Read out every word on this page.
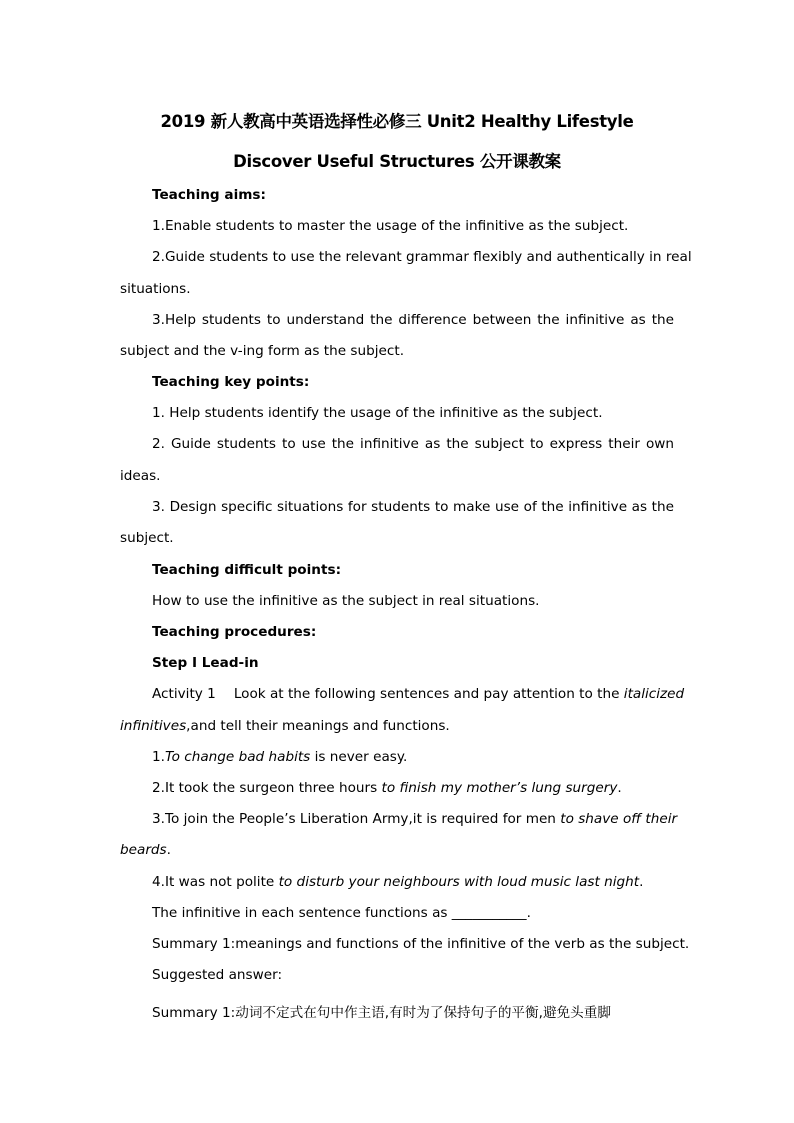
2019 新人教高中英语选择性必修三 Unit2 Healthy Lifestyle
Discover Useful Structures 公开课教案
Teaching aims:
1.Enable students to master the usage of the infinitive as the subject.
2.Guide students to use the relevant grammar flexibly and authentically in real
situations.
3.Help students to understand the difference between the infinitive as the
subject and the v-ing form as the subject.
Teaching key points:
1. Help students identify the usage of the infinitive as the subject.
2. Guide students to use the infinitive as the subject to express their own
ideas.
3. Design specific situations for students to make use of the infinitive as the
subject.
Teaching difficult points:
How to use the infinitive as the subject in real situations.
Teaching procedures:
Step Ⅰ Lead-in
Activity 1 Look at the following sentences and pay attention to the italicized
infinitives,and tell their meanings and functions.
1.To change bad habits is never easy.
2.It took the surgeon three hours to finish my mother’s lung surgery.
3.To join the People’s Liberation Army,it is required for men to shave off their
beards.
4.It was not polite to disturb your neighbours with loud music last night.
The infinitive in each sentence functions as ___________.
Summary 1:meanings and functions of the infinitive of the verb as the subject.
Suggested answer:
Summary 1:动词不定式在句中作主语,有时为了保持句子的平衡,避免头重脚
